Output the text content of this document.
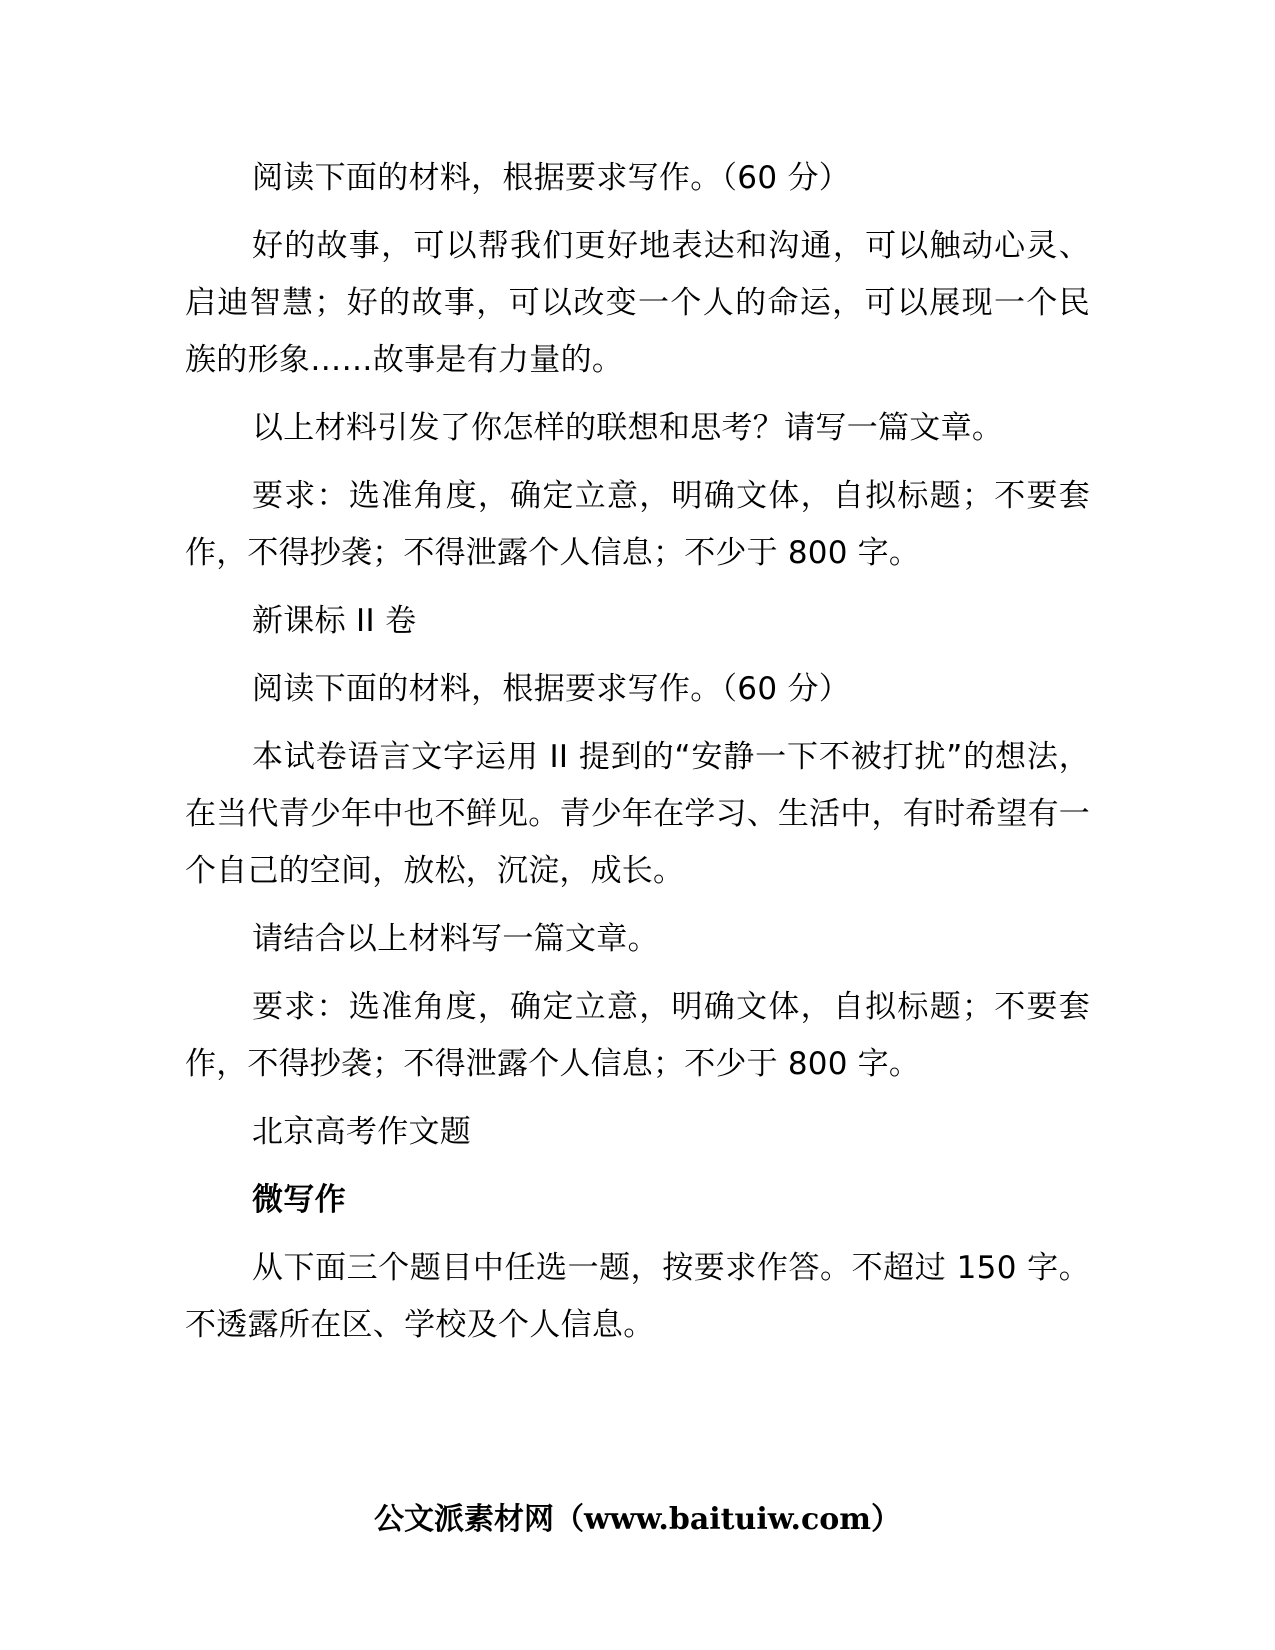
阅读下面的材料，根据要求写作。（60 分）

好的故事，可以帮我们更好地表达和沟通，可以触动心灵、启迪智慧；好的故事，可以改变一个人的命运，可以展现一个民族的形象……故事是有力量的。

以上材料引发了你怎样的联想和思考？请写一篇文章。

要求：选准角度，确定立意，明确文体，自拟标题；不要套作，不得抄袭；不得泄露个人信息；不少于 800 字。

新课标 II 卷

阅读下面的材料，根据要求写作。（60 分）

本试卷语言文字运用 II 提到的“安静一下不被打扰”的想法，在当代青少年中也不鲜见。青少年在学习、生活中，有时希望有一个自己的空间，放松，沉淀，成长。

请结合以上材料写一篇文章。

要求：选准角度，确定立意，明确文体，自拟标题；不要套作，不得抄袭；不得泄露个人信息；不少于 800 字。

北京高考作文题

微写作

从下面三个题目中任选一题，按要求作答。不超过 150 字。不透露所在区、学校及个人信息。

公文派素材网（www.baituiw.com）
